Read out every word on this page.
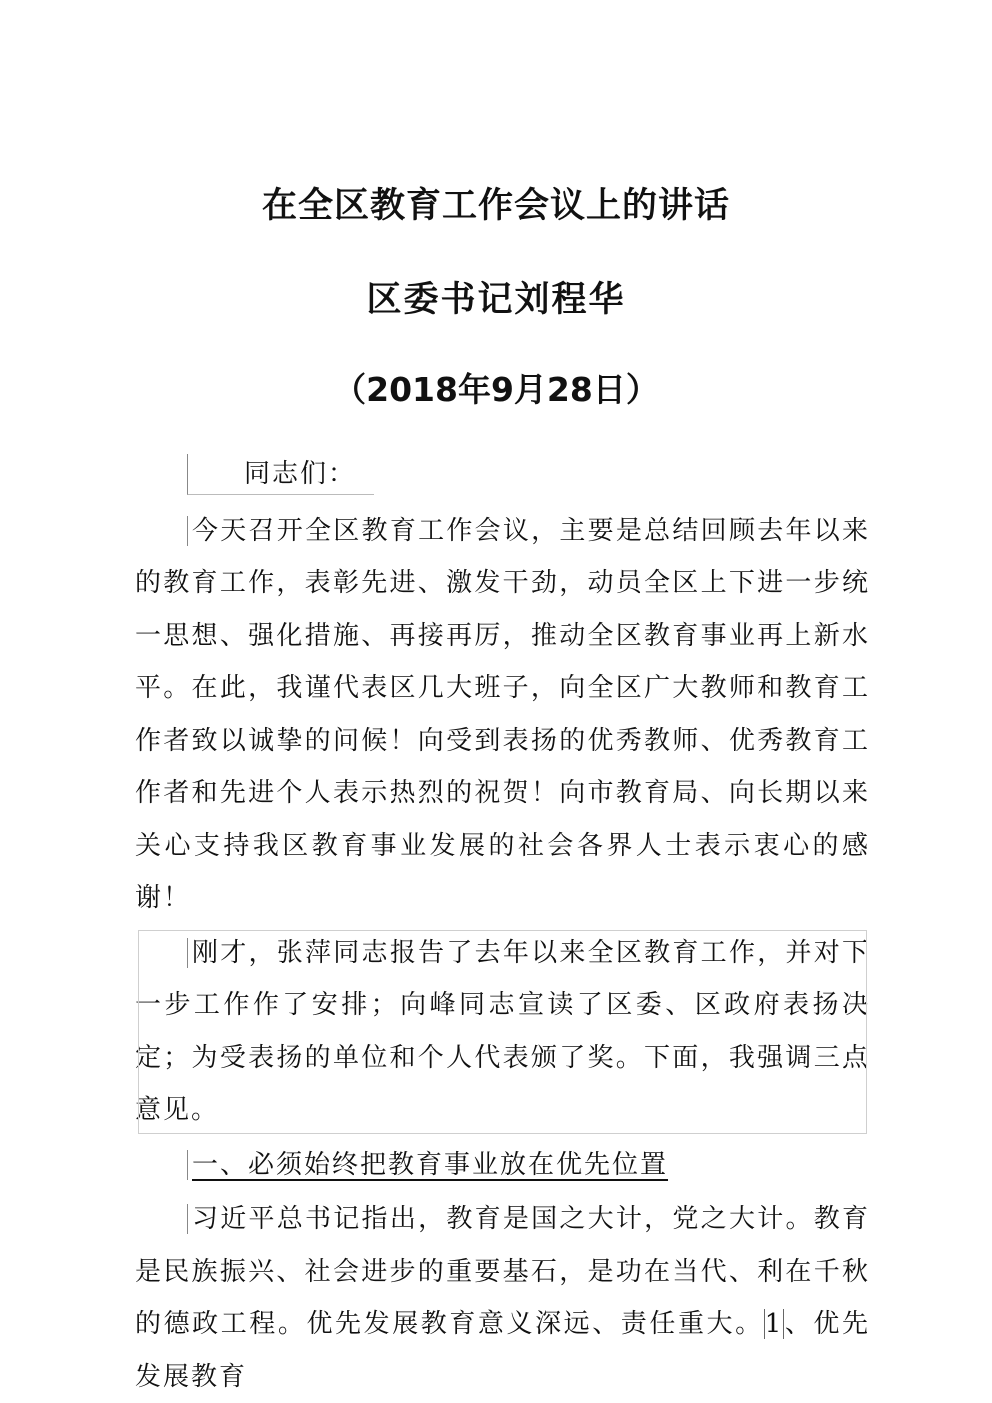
在全区教育工作会议上的讲话
区委书记刘程华
（2018年9月28日）

同志们：

今天召开全区教育工作会议，主要是总结回顾去年以来的教育工作，表彰先进、激发干劲，动员全区上下进一步统一思想、强化措施、再接再厉，推动全区教育事业再上新水平。在此，我谨代表区几大班子，向全区广大教师和教育工作者致以诚挚的问候！向受到表扬的优秀教师、优秀教育工作者和先进个人表示热烈的祝贺！向市教育局、向长期以来关心支持我区教育事业发展的社会各界人士表示衷心的感谢！

刚才，张萍同志报告了去年以来全区教育工作，并对下一步工作作了安排；向峰同志宣读了区委、区政府表扬决定；为受表扬的单位和个人代表颁了奖。下面，我强调三点意见。

一、必须始终把教育事业放在优先位置

习近平总书记指出，教育是国之大计，党之大计。教育是民族振兴、社会进步的重要基石，是功在当代、利在千秋的德政工程。优先发展教育意义深远、责任重大。1、优先发展教育
